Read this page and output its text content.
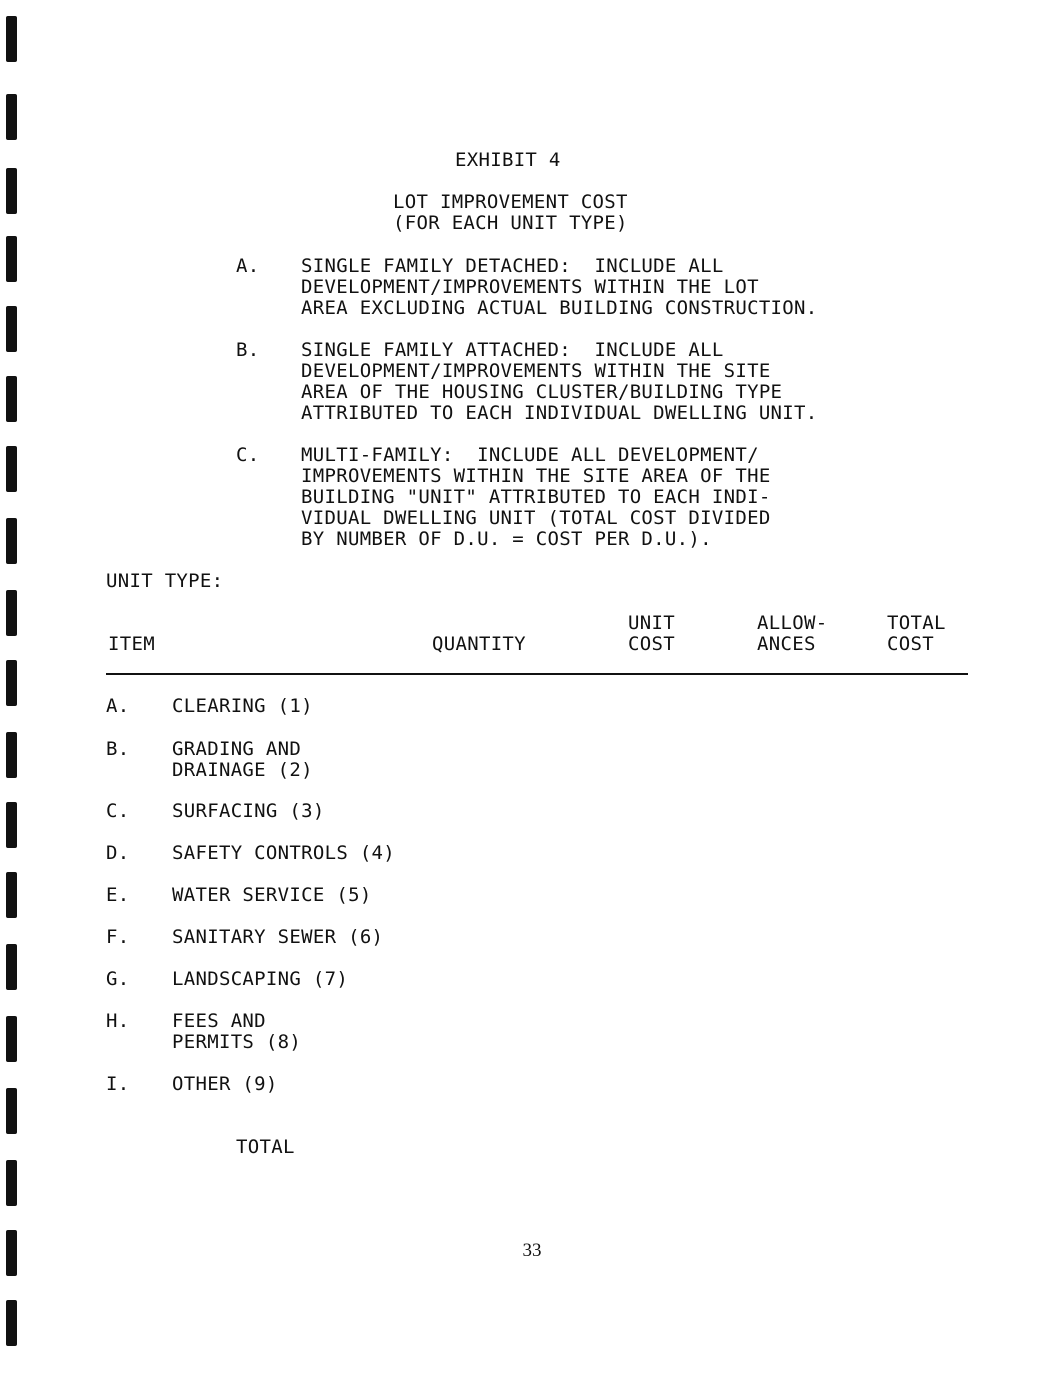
EXHIBIT 4
LOT IMPROVEMENT COST
(FOR EACH UNIT TYPE)
A. SINGLE FAMILY DETACHED:  INCLUDE ALL
DEVELOPMENT/IMPROVEMENTS WITHIN THE LOT
AREA EXCLUDING ACTUAL BUILDING CONSTRUCTION.
B. SINGLE FAMILY ATTACHED:  INCLUDE ALL
DEVELOPMENT/IMPROVEMENTS WITHIN THE SITE
AREA OF THE HOUSING CLUSTER/BUILDING TYPE
ATTRIBUTED TO EACH INDIVIDUAL DWELLING UNIT.
C. MULTI-FAMILY:  INCLUDE ALL DEVELOPMENT/
IMPROVEMENTS WITHIN THE SITE AREA OF THE
BUILDING "UNIT" ATTRIBUTED TO EACH INDI-
VIDUAL DWELLING UNIT (TOTAL COST DIVIDED
BY NUMBER OF D.U. = COST PER D.U.).
UNIT TYPE:
ITEM	QUANTITY
UNIT
COST
ALLOW-
ANCES
TOTAL
COST
A. CLEARING (1)
B. GRADING AND
DRAINAGE (2)
C. SURFACING (3)
D. SAFETY CONTROLS (4)
E. WATER SERVICE (5)
F. SANITARY SEWER (6)
G. LANDSCAPING (7)
H. FEES AND
PERMITS (8)
I. OTHER (9)
TOTAL
33
